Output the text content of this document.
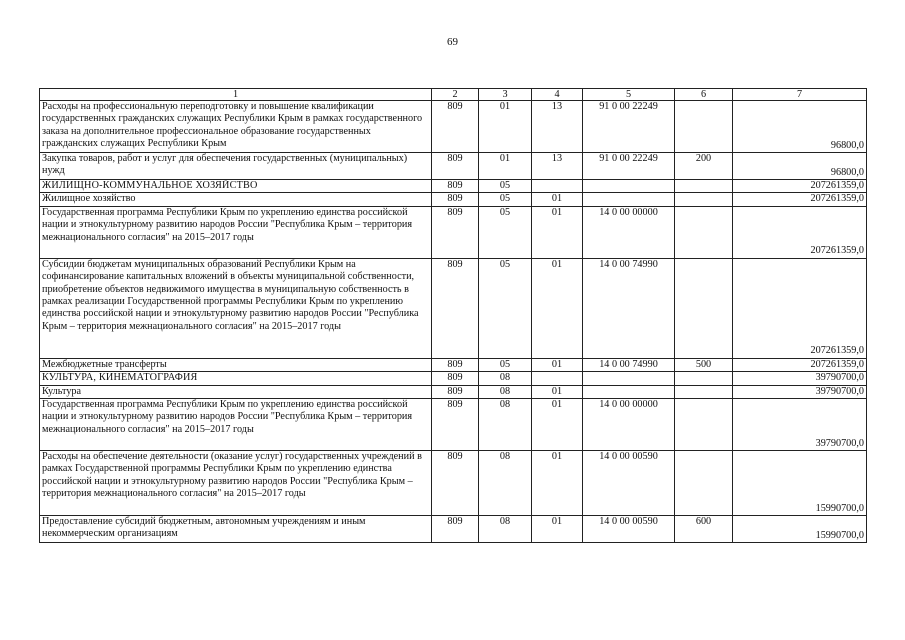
69
1	2	3	4	5	6	7
Расходы на профессиональную переподготовку и повышение квалификации государственных гражданских служащих Республики Крым в рамках государственного заказа на дополнительное профессиональное образование государственных гражданских служащих Республики Крым	809	01	13	91 0 00 22249		96800,0
Закупка товаров, работ и услуг для обеспечения государственных (муниципальных) нужд	809	01	13	91 0 00 22249	200	96800,0
ЖИЛИЩНО-КОММУНАЛЬНОЕ ХОЗЯЙСТВО	809	05				207261359,0
Жилищное хозяйство	809	05	01			207261359,0
Государственная программа Республики Крым по укреплению единства российской нации и этнокультурному развитию народов России "Республика Крым – территория межнационального согласия" на 2015–2017 годы	809	05	01	14 0 00 00000		207261359,0
Субсидии бюджетам муниципальных образований Республики Крым на софинансирование капитальных вложений в объекты муниципальной собственности, приобретение объектов недвижимого имущества в муниципальную собственность в рамках реализации Государственной программы Республики Крым по укреплению единства российской нации и этнокультурному развитию народов России "Республика Крым – территория межнационального согласия" на 2015–2017 годы	809	05	01	14 0 00 74990		207261359,0
Межбюджетные трансферты	809	05	01	14 0 00 74990	500	207261359,0
КУЛЬТУРА, КИНЕМАТОГРАФИЯ	809	08				39790700,0
Культура	809	08	01			39790700,0
Государственная программа Республики Крым по укреплению единства российской нации и этнокультурному развитию народов России "Республика Крым – территория межнационального согласия" на 2015–2017 годы	809	08	01	14 0 00 00000		39790700,0
Расходы на обеспечение деятельности (оказание услуг) государственных учреждений в рамках Государственной программы Республики Крым по укреплению единства российской нации и этнокультурному развитию народов России "Республика Крым – территория межнационального согласия" на 2015–2017 годы	809	08	01	14 0 00 00590		15990700,0
Предоставление субсидий бюджетным, автономным учреждениям и иным некоммерческим организациям	809	08	01	14 0 00 00590	600	15990700,0
